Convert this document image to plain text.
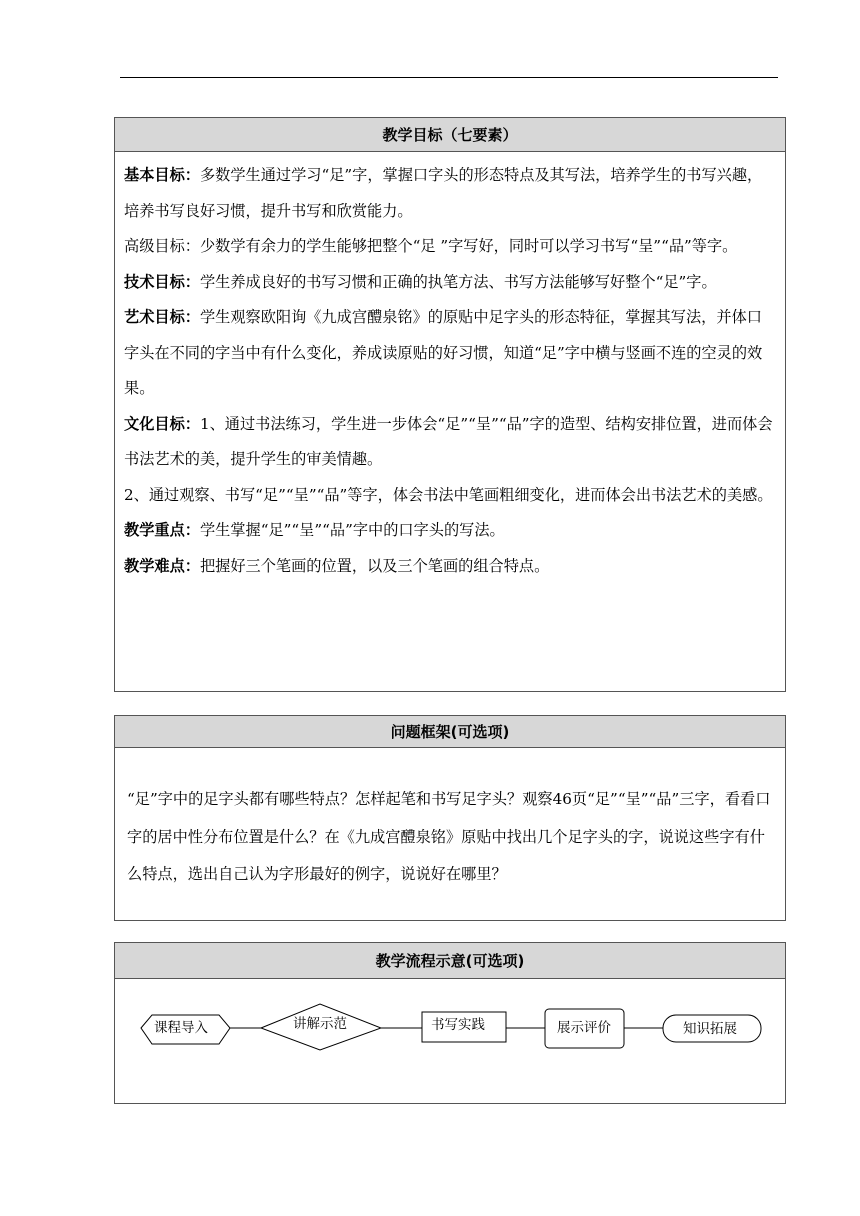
教学目标（七要素）

基本目标：多数学生通过学习“足”字，掌握口字头的形态特点及其写法，培养学生的书写兴趣，培养书写良好习惯，提升书写和欣赏能力。

高级目标：少数学有余力的学生能够把整个“足 ”字写好，同时可以学习书写“呈”“品”等字。

技术目标：学生养成良好的书写习惯和正确的执笔方法、书写方法能够写好整个“足”字。

艺术目标：学生观察欧阳询《九成宫醴泉铭》的原贴中足字头的形态特征，掌握其写法，并体口字头在不同的字当中有什么变化，养成读原贴的好习惯，知道“足”字中横与竖画不连的空灵的效果。

文化目标：1、通过书法练习，学生进一步体会“足”“呈”“品”字的造型、结构安排位置，进而体会书法艺术的美，提升学生的审美情趣。

2、通过观察、书写“足”“呈”“品”等字，体会书法中笔画粗细变化，进而体会出书法艺术的美感。

教学重点：学生掌握“足”“呈”“品”字中的口字头的写法。

教学难点：把握好三个笔画的位置，以及三个笔画的组合特点。

问题框架(可选项)

“足”字中的足字头都有哪些特点？怎样起笔和书写足字头？观察46页“足”“呈”“品”三字，看看口字的居中性分布位置是什么？在《九成宫醴泉铭》原贴中找出几个足字头的字，说说这些字有什么特点，选出自己认为字形最好的例字，说说好在哪里？

教学流程示意(可选项)
课程导入	讲解示范	书写实践	展示评价	知识拓展
